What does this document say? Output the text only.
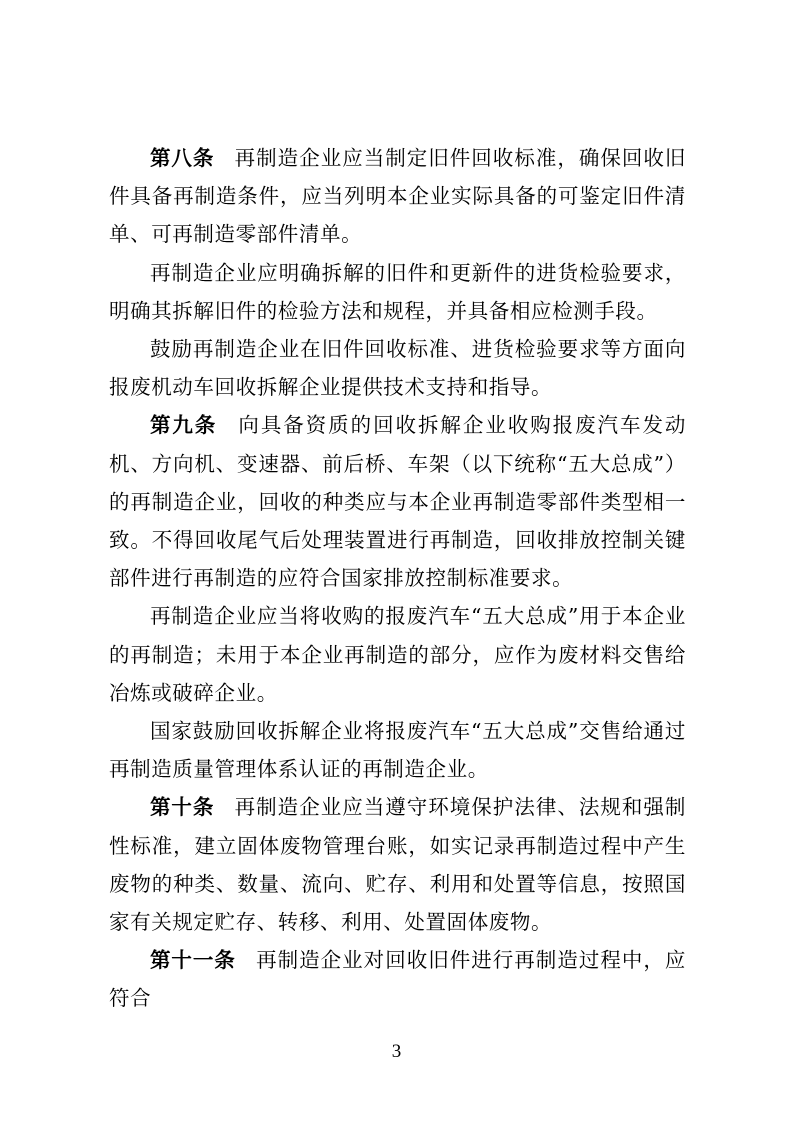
第八条 再制造企业应当制定旧件回收标准，确保回收旧件具备再制造条件，应当列明本企业实际具备的可鉴定旧件清单、可再制造零部件清单。

再制造企业应明确拆解的旧件和更新件的进货检验要求，明确其拆解旧件的检验方法和规程，并具备相应检测手段。

鼓励再制造企业在旧件回收标准、进货检验要求等方面向报废机动车回收拆解企业提供技术支持和指导。

第九条 向具备资质的回收拆解企业收购报废汽车发动机、方向机、变速器、前后桥、车架（以下统称“五大总成”）的再制造企业，回收的种类应与本企业再制造零部件类型相一致。不得回收尾气后处理装置进行再制造，回收排放控制关键部件进行再制造的应符合国家排放控制标准要求。

再制造企业应当将收购的报废汽车“五大总成”用于本企业的再制造；未用于本企业再制造的部分，应作为废材料交售给冶炼或破碎企业。

国家鼓励回收拆解企业将报废汽车“五大总成”交售给通过再制造质量管理体系认证的再制造企业。

第十条 再制造企业应当遵守环境保护法律、法规和强制性标准，建立固体废物管理台账，如实记录再制造过程中产生废物的种类、数量、流向、贮存、利用和处置等信息，按照国家有关规定贮存、转移、利用、处置固体废物。

第十一条 再制造企业对回收旧件进行再制造过程中，应符合

3
